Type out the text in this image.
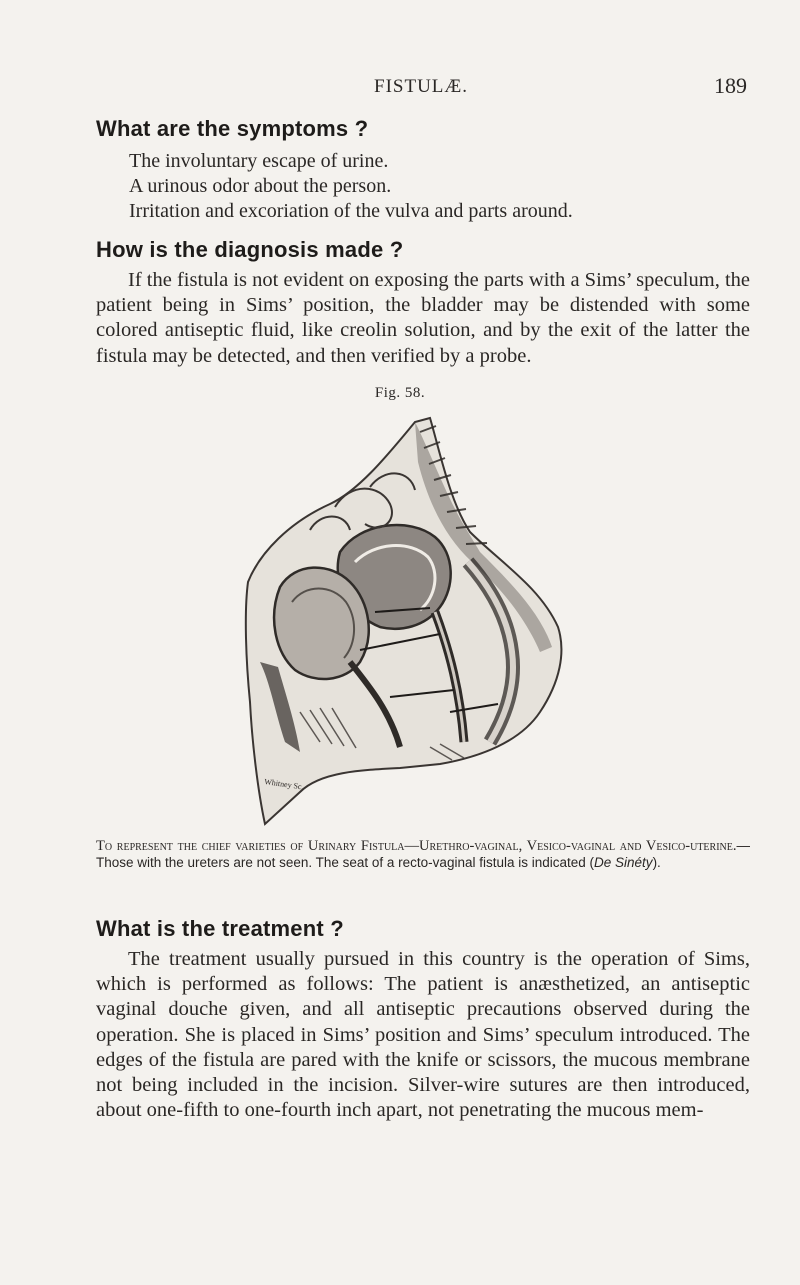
FISTULÆ.	189
What are the symptoms ?
The involuntary escape of urine.
A urinous odor about the person.
Irritation and excoriation of the vulva and parts around.
How is the diagnosis made ?
If the fistula is not evident on exposing the parts with a Sims’ speculum, the patient being in Sims’ position, the bladder may be distended with some colored antiseptic fluid, like creolin solution, and by the exit of the latter the fistula may be detected, and then verified by a probe.
Fig. 58.
Whitney Sc.
To represent the chief varieties of Urinary Fistula—Urethro-vaginal, Vesico-vaginal and Vesico-uterine.—Those with the ureters are not seen. The seat of a recto-vaginal fistula is indicated (De Sinéty).
What is the treatment ?
The treatment usually pursued in this country is the operation of Sims, which is performed as follows: The patient is anæsthetized, an antiseptic vaginal douche given, and all antiseptic precautions observed during the operation. She is placed in Sims’ position and Sims’ speculum introduced. The edges of the fistula are pared with the knife or scissors, the mucous membrane not being included in the incision. Silver-wire sutures are then introduced, about one-fifth to one-fourth inch apart, not penetrating the mucous mem-
